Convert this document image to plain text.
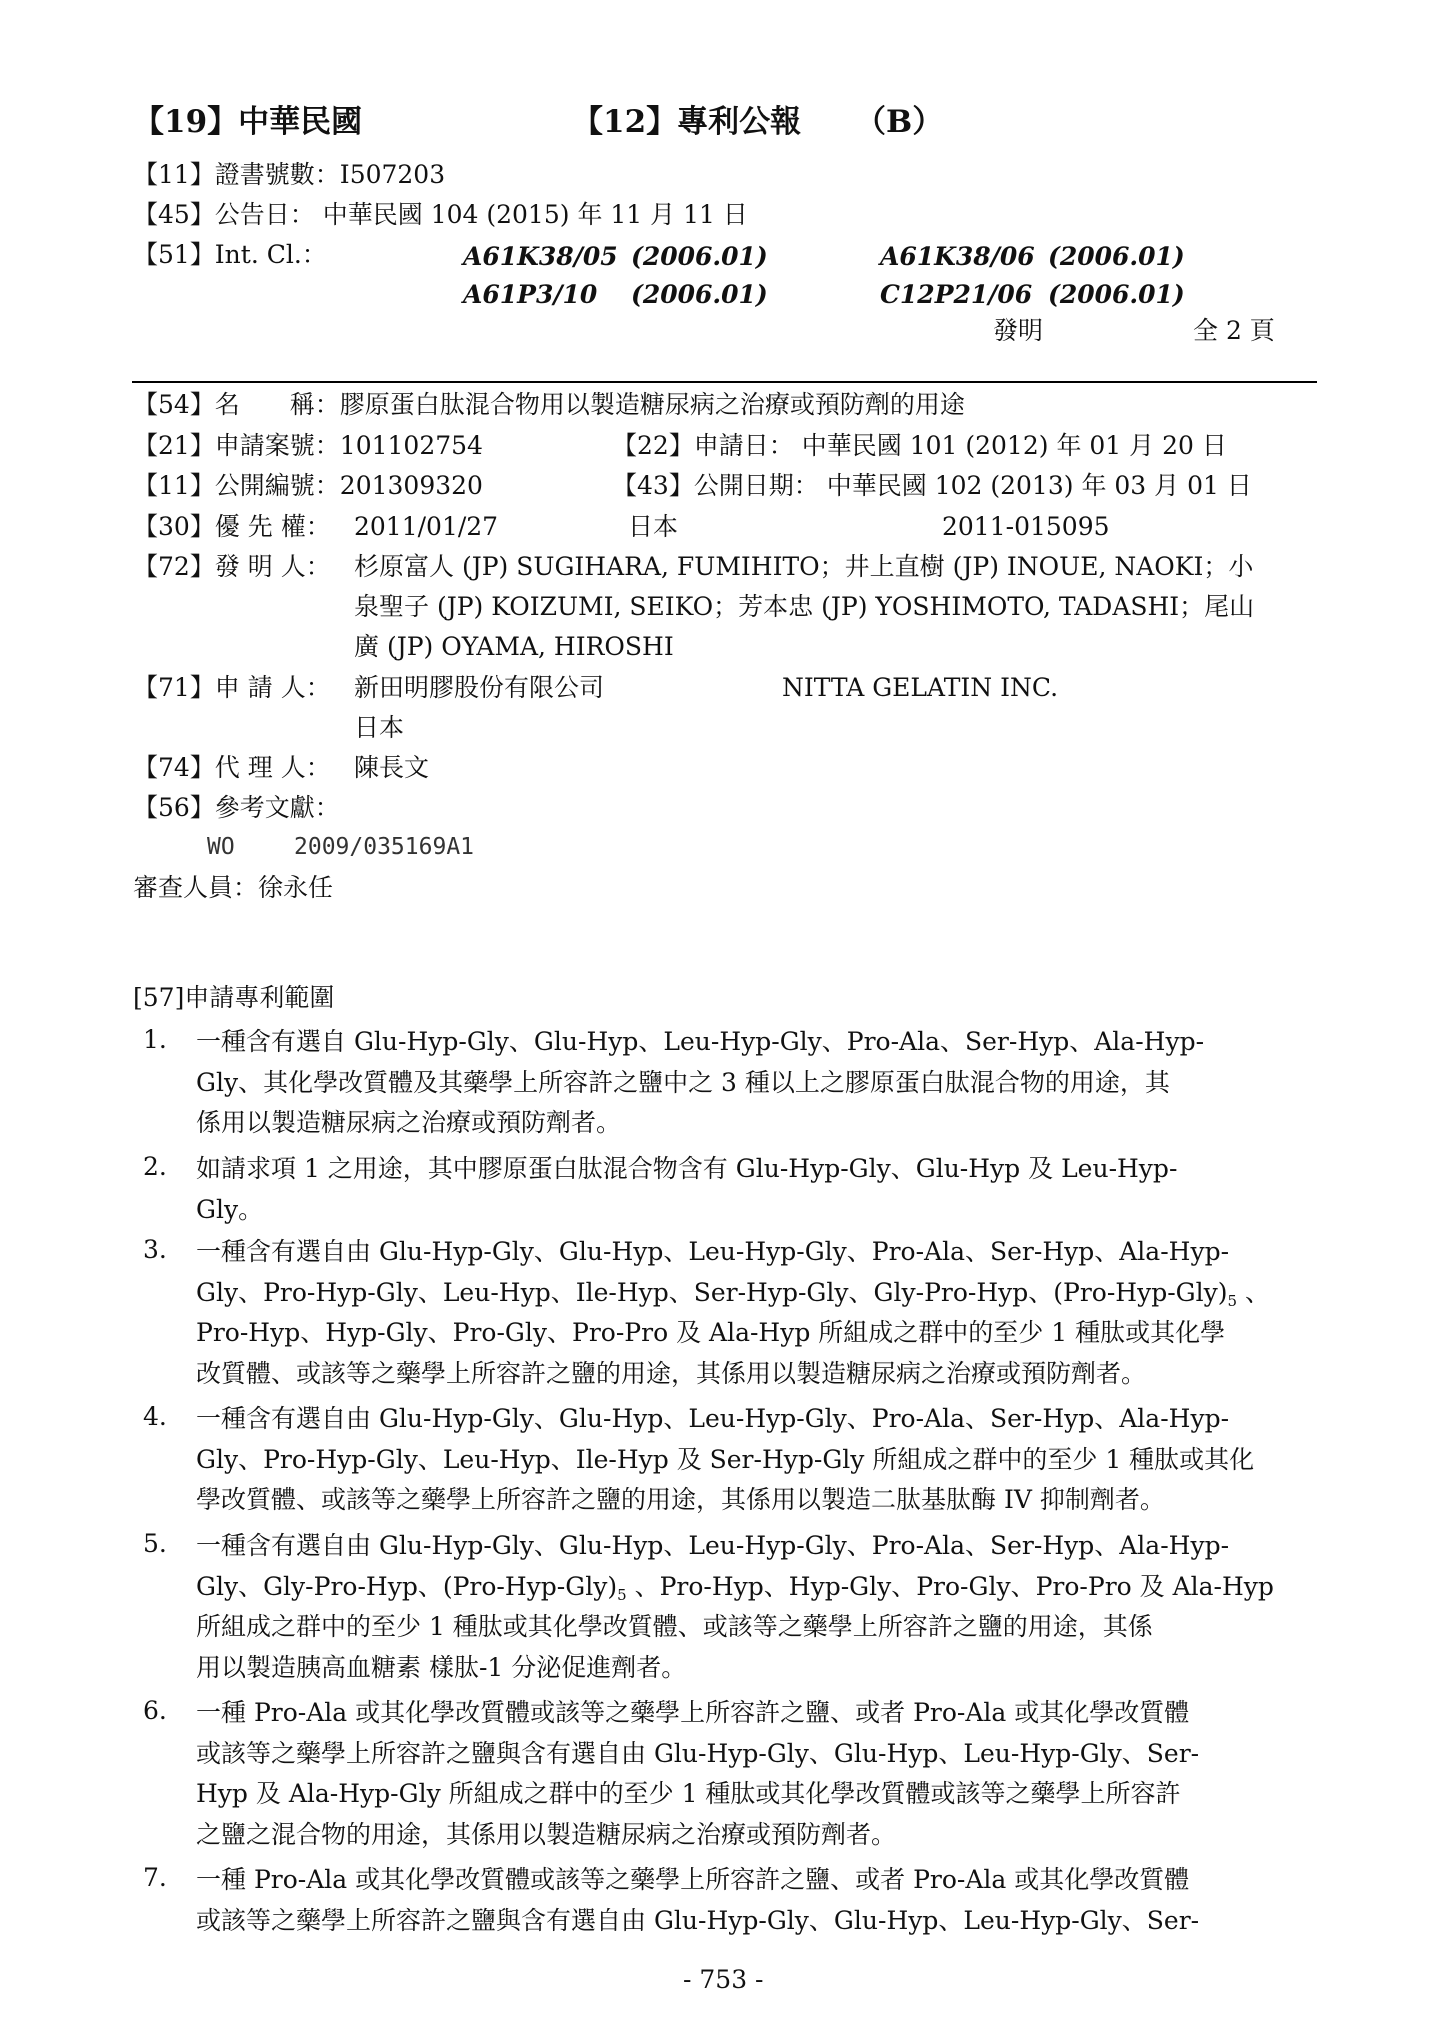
【19】中華民國	【12】專利公報 （B）
【11】證書號數：I507203
【45】公告日： 中華民國 104 (2015) 年 11 月 11 日
【51】Int. Cl.：	A61K38/05 (2006.01)	A61K38/06 (2006.01)
A61P3/10 (2006.01)	C12P21/06 (2006.01)
發明	全 2 頁
【54】名　　稱：膠原蛋白肽混合物用以製造糖尿病之治療或預防劑的用途
【21】申請案號：101102754	【22】申請日： 中華民國 101 (2012) 年 01 月 20 日
【11】公開編號：201309320	【43】公開日期： 中華民國 102 (2013) 年 03 月 01 日
【30】優 先 權： 2011/01/27	日本	2011-015095
【72】發 明 人： 杉原富人 (JP) SUGIHARA, FUMIHITO；井上直樹 (JP) INOUE, NAOKI；小
泉聖子 (JP) KOIZUMI, SEIKO；芳本忠 (JP) YOSHIMOTO, TADASHI；尾山
廣 (JP) OYAMA, HIROSHI
【71】申 請 人： 新田明膠股份有限公司	NITTA GELATIN INC.
日本
【74】代 理 人： 陳長文
【56】參考文獻：
WO	2009/035169A1
審查人員：徐永任
[57]申請專利範圍
1. 一種含有選自 Glu-Hyp-Gly、Glu-Hyp、Leu-Hyp-Gly、Pro-Ala、Ser-Hyp、Ala-Hyp-
Gly、其化學改質體及其藥學上所容許之鹽中之 3 種以上之膠原蛋白肽混合物的用途，其
係用以製造糖尿病之治療或預防劑者。
2. 如請求項 1 之用途，其中膠原蛋白肽混合物含有 Glu-Hyp-Gly、Glu-Hyp 及 Leu-Hyp-
Gly。
3. 一種含有選自由 Glu-Hyp-Gly、Glu-Hyp、Leu-Hyp-Gly、Pro-Ala、Ser-Hyp、Ala-Hyp-
Gly、Pro-Hyp-Gly、Leu-Hyp、Ile-Hyp、Ser-Hyp-Gly、Gly-Pro-Hyp、$(Pro-Hyp-Gly)_5$ 、
Pro-Hyp、Hyp-Gly、Pro-Gly、Pro-Pro 及 Ala-Hyp 所組成之群中的至少 1 種肽或其化學
改質體、或該等之藥學上所容許之鹽的用途，其係用以製造糖尿病之治療或預防劑者。
4. 一種含有選自由 Glu-Hyp-Gly、Glu-Hyp、Leu-Hyp-Gly、Pro-Ala、Ser-Hyp、Ala-Hyp-
Gly、Pro-Hyp-Gly、Leu-Hyp、Ile-Hyp 及 Ser-Hyp-Gly 所組成之群中的至少 1 種肽或其化
學改質體、或該等之藥學上所容許之鹽的用途，其係用以製造二肽基肽酶 IV 抑制劑者。
5. 一種含有選自由 Glu-Hyp-Gly、Glu-Hyp、Leu-Hyp-Gly、Pro-Ala、Ser-Hyp、Ala-Hyp-
Gly、Gly-Pro-Hyp、$(Pro-Hyp-Gly)_5$ 、Pro-Hyp、Hyp-Gly、Pro-Gly、Pro-Pro 及 Ala-Hyp
所組成之群中的至少 1 種肽或其化學改質體、或該等之藥學上所容許之鹽的用途，其係
用以製造胰高血糖素 樣肽-1 分泌促進劑者。
6. 一種 Pro-Ala 或其化學改質體或該等之藥學上所容許之鹽、或者 Pro-Ala 或其化學改質體
或該等之藥學上所容許之鹽與含有選自由 Glu-Hyp-Gly、Glu-Hyp、Leu-Hyp-Gly、Ser-
Hyp 及 Ala-Hyp-Gly 所組成之群中的至少 1 種肽或其化學改質體或該等之藥學上所容許
之鹽之混合物的用途，其係用以製造糖尿病之治療或預防劑者。
7. 一種 Pro-Ala 或其化學改質體或該等之藥學上所容許之鹽、或者 Pro-Ala 或其化學改質體
或該等之藥學上所容許之鹽與含有選自由 Glu-Hyp-Gly、Glu-Hyp、Leu-Hyp-Gly、Ser-
- 753 -
